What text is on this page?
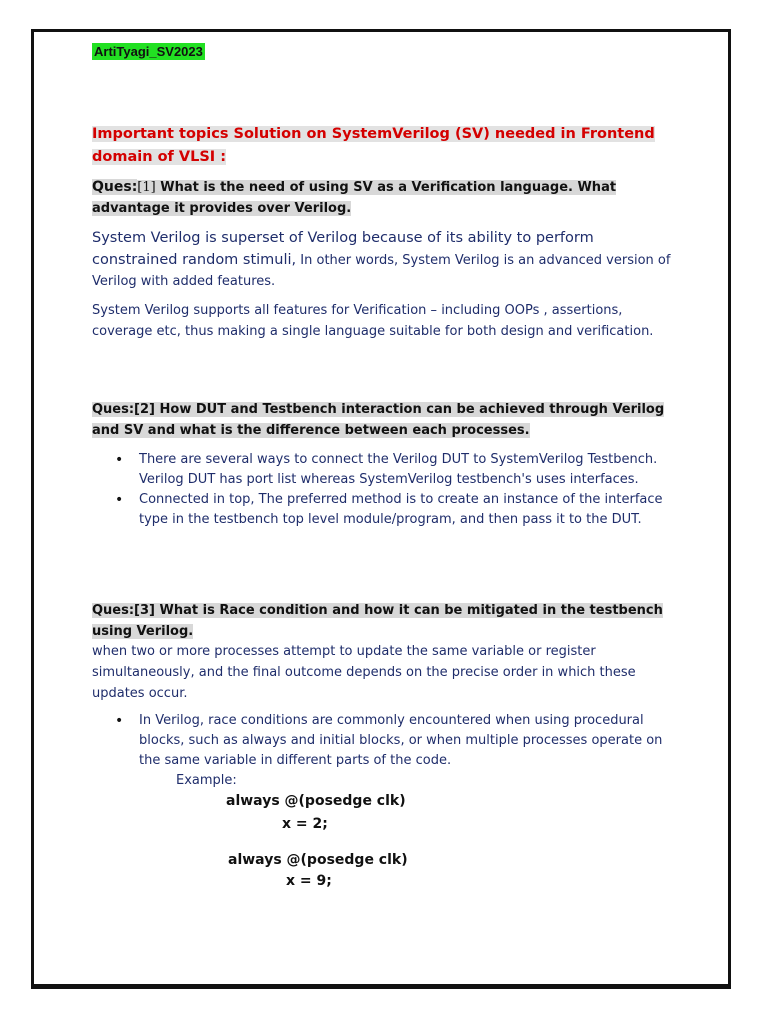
ArtiTyagi_SV2023

Important topics Solution on SystemVerilog (SV) needed in Frontend domain of VLSI :

Ques:[1] What is the need of using SV as a Verification language. What advantage it provides over Verilog.

System Verilog is superset of Verilog because of its ability to perform constrained random stimuli, In other words, System Verilog is an advanced version of Verilog with added features.

System Verilog supports all features for Verification – including OOPs , assertions, coverage etc, thus making a single language suitable for both design and verification.

Ques:[2] How DUT and Testbench interaction can be achieved through Verilog and SV and what is the difference between each processes.

• There are several ways to connect the Verilog DUT to SystemVerilog Testbench. Verilog DUT has port list whereas SystemVerilog testbench's uses interfaces.
• Connected in top, The preferred method is to create an instance of the interface type in the testbench top level module/program, and then pass it to the DUT.

Ques:[3] What is Race condition and how it can be mitigated in the testbench using Verilog.

when two or more processes attempt to update the same variable or register simultaneously, and the final outcome depends on the precise order in which these updates occur.

• In Verilog, race conditions are commonly encountered when using procedural blocks, such as always and initial blocks, or when multiple processes operate on the same variable in different parts of the code.

Example:

always @(posedge clk)

x = 2;

always @(posedge clk)

x = 9;
